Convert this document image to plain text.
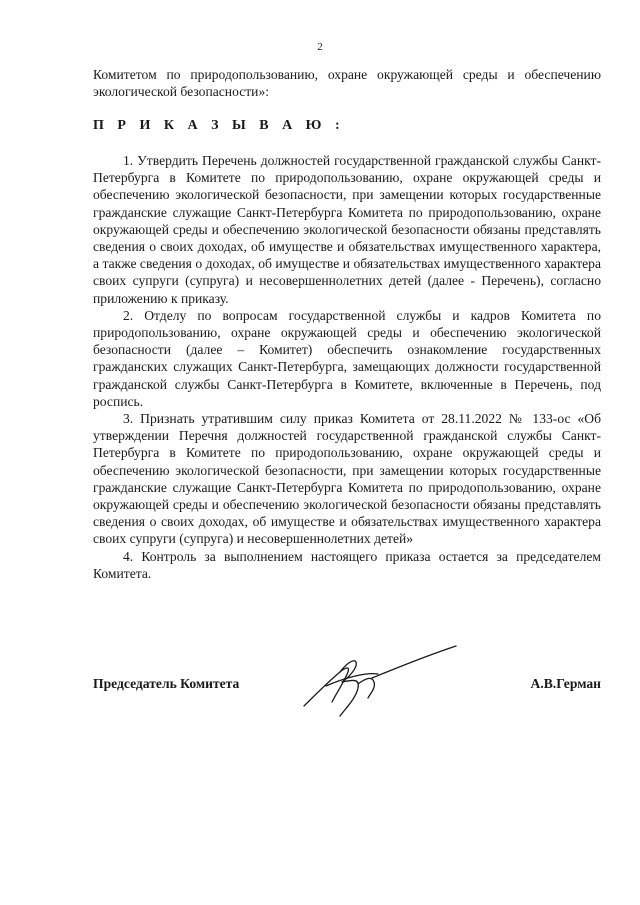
2
Комитетом по природопользованию, охране окружающей среды и обеспечению экологической безопасности»:
П Р И К А З Ы В А Ю :

1. Утвердить Перечень должностей государственной гражданской службы Санкт-Петербурга в Комитете по природопользованию, охране окружающей среды и обеспечению экологической безопасности, при замещении которых государственные гражданские служащие Санкт-Петербурга Комитета по природопользованию, охране окружающей среды и обеспечению экологической безопасности обязаны представлять сведения о своих доходах, об имуществе и обязательствах имущественного характера, а также сведения о доходах, об имуществе и обязательствах имущественного характера своих супруги (супруга) и несовершеннолетних детей (далее - Перечень), согласно приложению к приказу.

2. Отделу по вопросам государственной службы и кадров Комитета по природопользованию, охране окружающей среды и обеспечению экологической безопасности (далее – Комитет) обеспечить ознакомление государственных гражданских служащих Санкт-Петербурга, замещающих должности государственной гражданской службы Санкт-Петербурга в Комитете, включенные в Перечень, под роспись.

3. Признать утратившим силу приказ Комитета от 28.11.2022 № 133-ос «Об утверждении Перечня должностей государственной гражданской службы Санкт-Петербурга в Комитете по природопользованию, охране окружающей среды и обеспечению экологической безопасности, при замещении которых государственные гражданские служащие Санкт-Петербурга Комитета по природопользованию, охране окружающей среды и обеспечению экологической безопасности обязаны представлять сведения о своих доходах, об имуществе и обязательствах имущественного характера своих супруги (супруга) и несовершеннолетних детей»

4. Контроль за выполнением настоящего приказа остается за председателем Комитета.

Председатель Комитета	А.В.Герман
